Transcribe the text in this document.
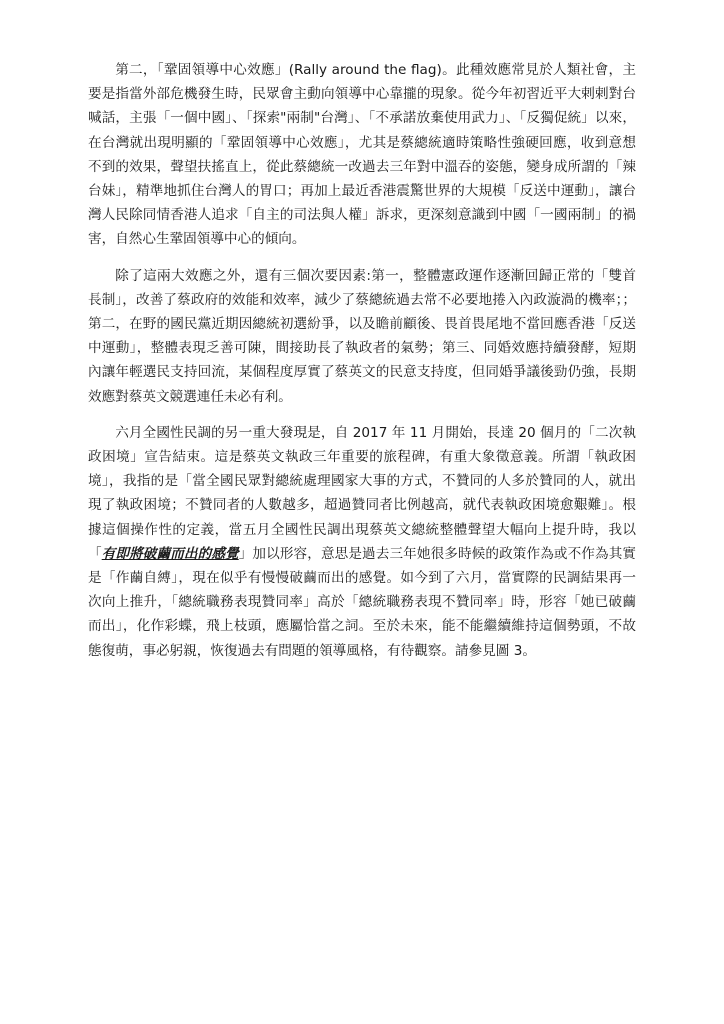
第二，「鞏固領導中心效應」(Rally around the flag)。此種效應常見於人類社會，主要是指當外部危機發生時，民眾會主動向領導中心靠攏的現象。從今年初習近平大剌剌對台喊話，主張「一個中國」、「探索"兩制"台灣」、「不承諾放棄使用武力」、「反獨促統」以來，在台灣就出現明顯的「鞏固領導中心效應」，尤其是蔡總統適時策略性強硬回應，收到意想不到的效果，聲望扶搖直上，從此蔡總統一改過去三年對中溫吞的姿態，變身成所謂的「辣台妹」，精準地抓住台灣人的胃口；再加上最近香港震驚世界的大規模「反送中運動」，讓台灣人民除同情香港人追求「自主的司法與人權」訴求，更深刻意識到中國「一國兩制」的禍害，自然心生鞏固領導中心的傾向。

除了這兩大效應之外，還有三個次要因素:第一，整體憲政運作逐漸回歸正常的「雙首長制」，改善了蔡政府的效能和效率，減少了蔡總統過去常不必要地捲入內政漩渦的機率；；第二，在野的國民黨近期因總統初選紛爭，以及瞻前顧後、畏首畏尾地不當回應香港「反送中運動」，整體表現乏善可陳，間接助長了執政者的氣勢；第三、同婚效應持續發酵，短期內讓年輕選民支持回流，某個程度厚實了蔡英文的民意支持度，但同婚爭議後勁仍強，長期效應對蔡英文競選連任未必有利。

六月全國性民調的另一重大發現是，自 2017 年 11 月開始，長達 20 個月的「二次執政困境」宣告結束。這是蔡英文執政三年重要的旅程碑，有重大象徵意義。所謂「執政困境」，我指的是「當全國民眾對總統處理國家大事的方式，不贊同的人多於贊同的人，就出現了執政困境；不贊同者的人數越多，超過贊同者比例越高，就代表執政困境愈艱難」。根據這個操作性的定義，當五月全國性民調出現蔡英文總統整體聲望大幅向上提升時，我以「有即將破繭而出的感覺」加以形容，意思是過去三年她很多時候的政策作為或不作為其實是「作繭自縛」，現在似乎有慢慢破繭而出的感覺。如今到了六月，當實際的民調結果再一次向上推升，「總統職務表現贊同率」高於「總統職務表現不贊同率」時，形容「她已破繭而出」，化作彩蝶，飛上枝頭，應屬恰當之詞。至於未來，能不能繼續維持這個勢頭，不故態復萌，事必躬親，恢復過去有問題的領導風格，有待觀察。請參見圖 3。
